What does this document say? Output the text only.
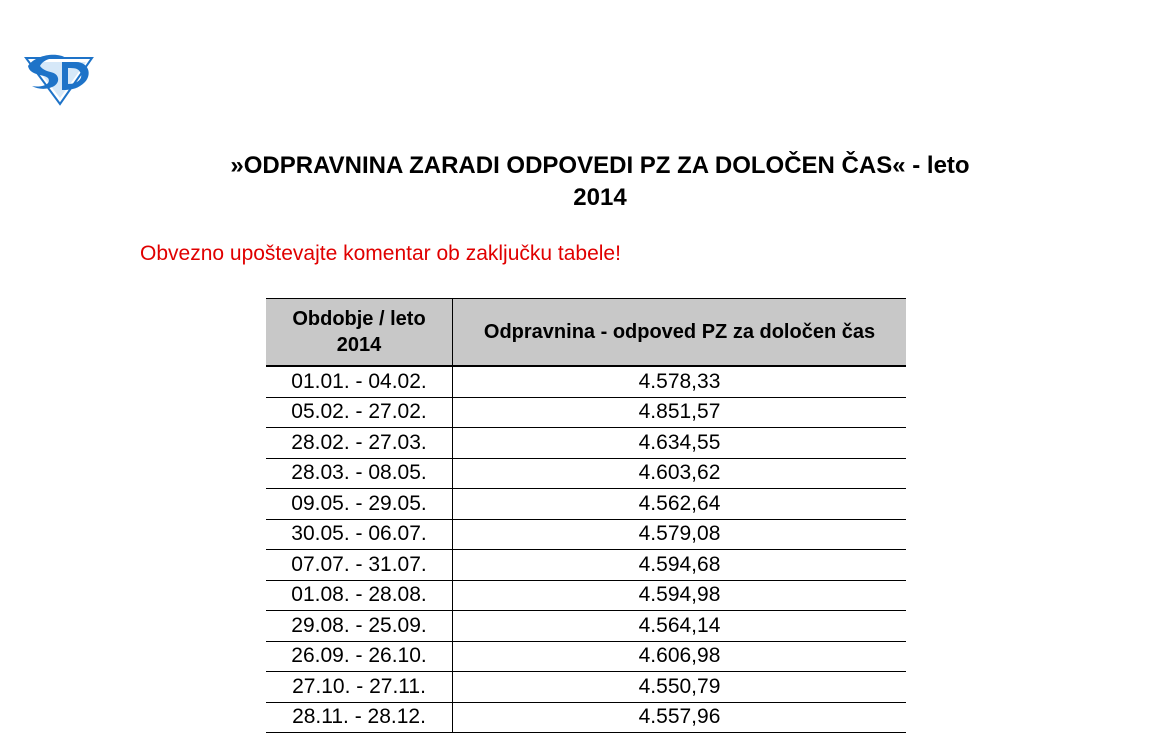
»ODPRAVNINA ZARADI ODPOVEDI PZ ZA DOLOČEN ČAS« - leto
2014
Obvezno upoštevajte komentar ob zaključku tabele!
Obdobje / leto 2014	Odpravnina - odpoved PZ za določen čas
01.01. - 04.02.	4.578,33
05.02. - 27.02.	4.851,57
28.02. - 27.03.	4.634,55
28.03. - 08.05.	4.603,62
09.05. - 29.05.	4.562,64
30.05. - 06.07.	4.579,08
07.07. - 31.07.	4.594,68
01.08. - 28.08.	4.594,98
29.08. - 25.09.	4.564,14
26.09. - 26.10.	4.606,98
27.10. - 27.11.	4.550,79
28.11. - 28.12.	4.557,96
